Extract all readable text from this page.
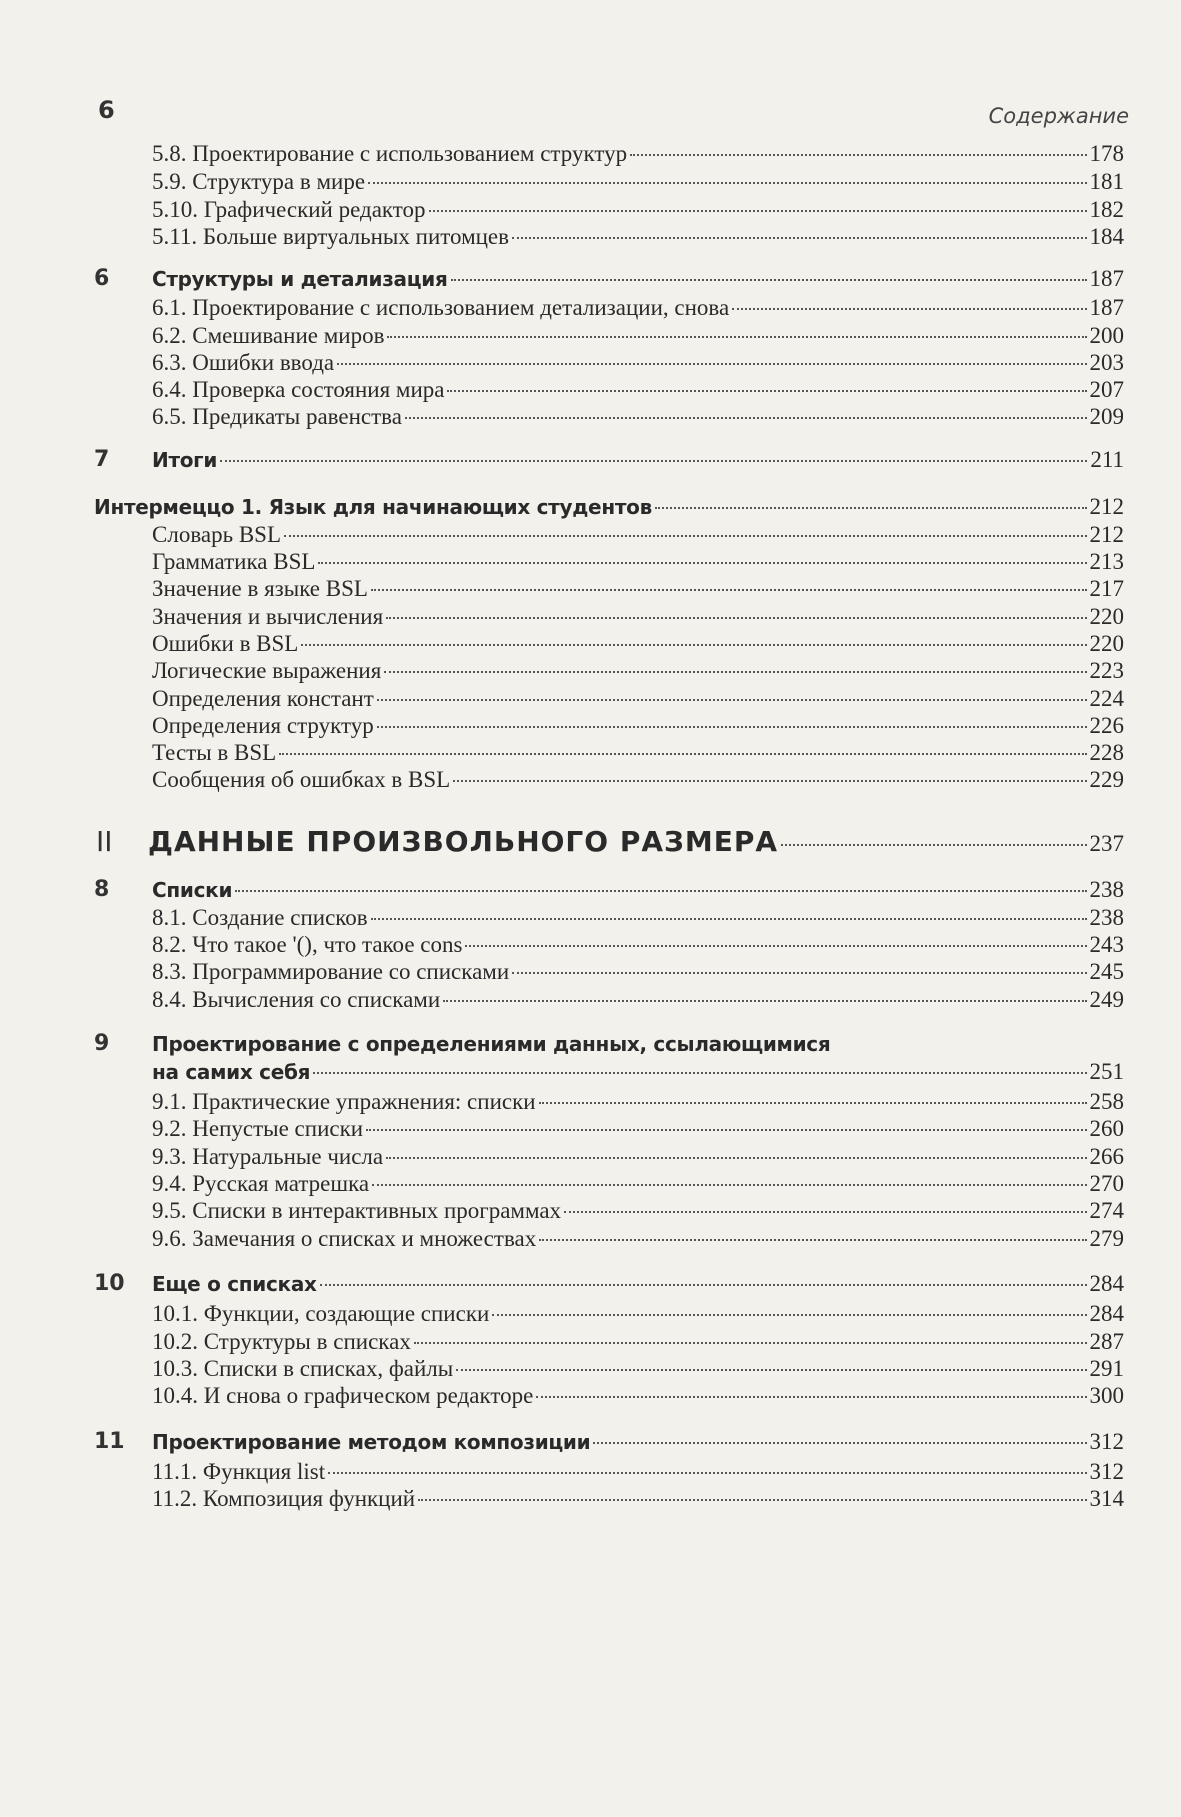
6	Содержание
5.8. Проектирование с использованием структур	178
5.9. Структура в мире	181
5.10. Графический редактор	182
5.11. Больше виртуальных питомцев	184
6 Структуры и детализация	187
6.1. Проектирование с использованием детализации, снова	187
6.2. Смешивание миров	200
6.3. Ошибки ввода	203
6.4. Проверка состояния мира	207
6.5. Предикаты равенства	209
7 Итоги	211
Интермеццо 1. Язык для начинающих студентов	212
Словарь BSL	212
Грамматика BSL	213
Значение в языке BSL	217
Значения и вычисления	220
Ошибки в BSL	220
Логические выражения	223
Определения констант	224
Определения структур	226
Тесты в BSL	228
Сообщения об ошибках в BSL	229
II ДАННЫЕ ПРОИЗВОЛЬНОГО РАЗМЕРА	237
8 Списки	238
8.1. Создание списков	238
8.2. Что такое '(), что такое cons	243
8.3. Программирование со списками	245
8.4. Вычисления со списками	249
9 Проектирование с определениями данных, ссылающимися
на самих себя	251
9.1. Практические упражнения: списки	258
9.2. Непустые списки	260
9.3. Натуральные числа	266
9.4. Русская матрешка	270
9.5. Списки в интерактивных программах	274
9.6. Замечания о списках и множествах	279
10 Еще о списках	284
10.1. Функции, создающие списки	284
10.2. Структуры в списках	287
10.3. Списки в списках, файлы	291
10.4. И снова о графическом редакторе	300
11 Проектирование методом композиции	312
11.1. Функция list	312
11.2. Композиция функций	314
